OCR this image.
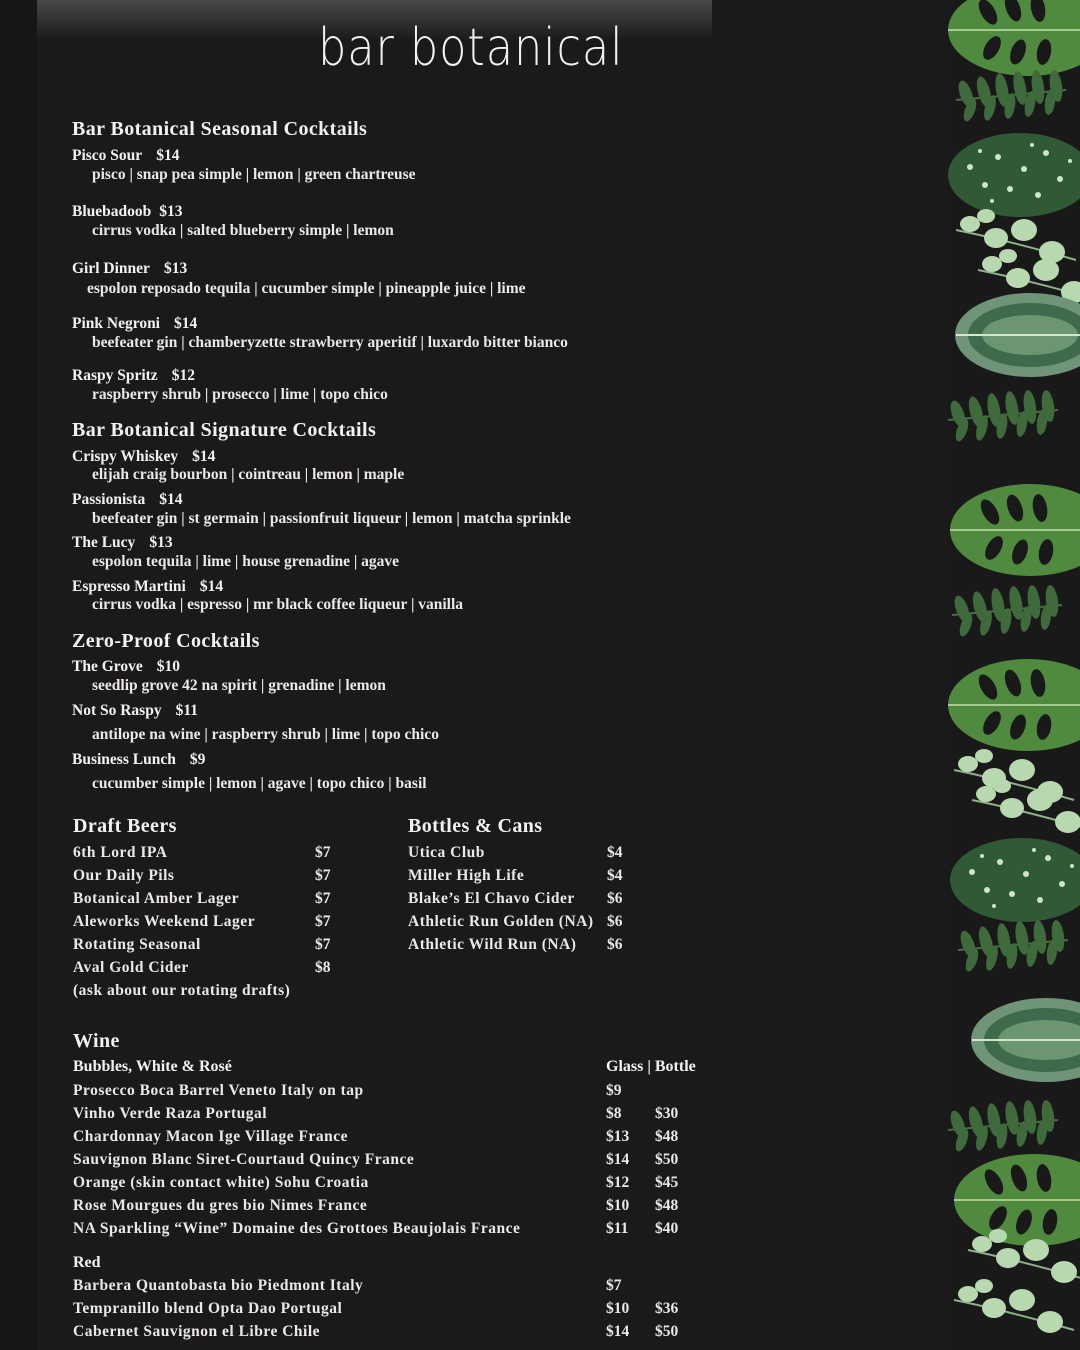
bar botanical
Bar Botanical Seasonal Cocktails
Pisco Sour $14
pisco | snap pea simple | lemon | green chartreuse
Bluebadoob $13
cirrus vodka | salted blueberry simple | lemon
Girl Dinner $13
espolon reposado tequila | cucumber simple | pineapple juice | lime
Pink Negroni $14
beefeater gin | chamberyzette strawberry aperitif | luxardo bitter bianco
Raspy Spritz $12
raspberry shrub | prosecco | lime | topo chico
Bar Botanical Signature Cocktails
Crispy Whiskey $14
elijah craig bourbon | cointreau | lemon | maple
Passionista $14
beefeater gin | st germain | passionfruit liqueur | lemon | matcha sprinkle
The Lucy $13
espolon tequila | lime | house grenadine | agave
Espresso Martini $14
cirrus vodka | espresso | mr black coffee liqueur | vanilla
Zero-Proof Cocktails
The Grove $10
seedlip grove 42 na spirit | grenadine | lemon
Not So Raspy $11
antilope na wine | raspberry shrub | lime | topo chico
Business Lunch $9
cucumber simple | lemon | agave | topo chico | basil
Draft Beers
6th Lord IPA	$7
Our Daily Pils	$7
Botanical Amber Lager	$7
Aleworks Weekend Lager	$7
Rotating Seasonal	$7
Aval Gold Cider	$8
(ask about our rotating drafts)
Bottles & Cans
Utica Club	$4
Miller High Life	$4
Blake’s El Chavo Cider $6
Athletic Run Golden (NA) $6
Athletic Wild Run (NA) $6
Wine
Bubbles, White & Rosé	Glass | Bottle
Prosecco Boca Barrel Veneto Italy on tap	$9
Vinho Verde Raza Portugal	$8 $30
Chardonnay Macon Ige Village France	$13 $48
Sauvignon Blanc Siret-Courtaud Quincy France	$14 $50
Orange (skin contact white) Sohu Croatia	$12 $45
Rose Mourgues du gres bio Nimes France	$10 $48
NA Sparkling “Wine” Domaine des Grottoes Beaujolais France	$11 $40
Red
Barbera Quantobasta bio Piedmont Italy	$7
Tempranillo blend Opta Dao Portugal	$10 $36
Cabernet Sauvignon el Libre Chile	$14 $50
